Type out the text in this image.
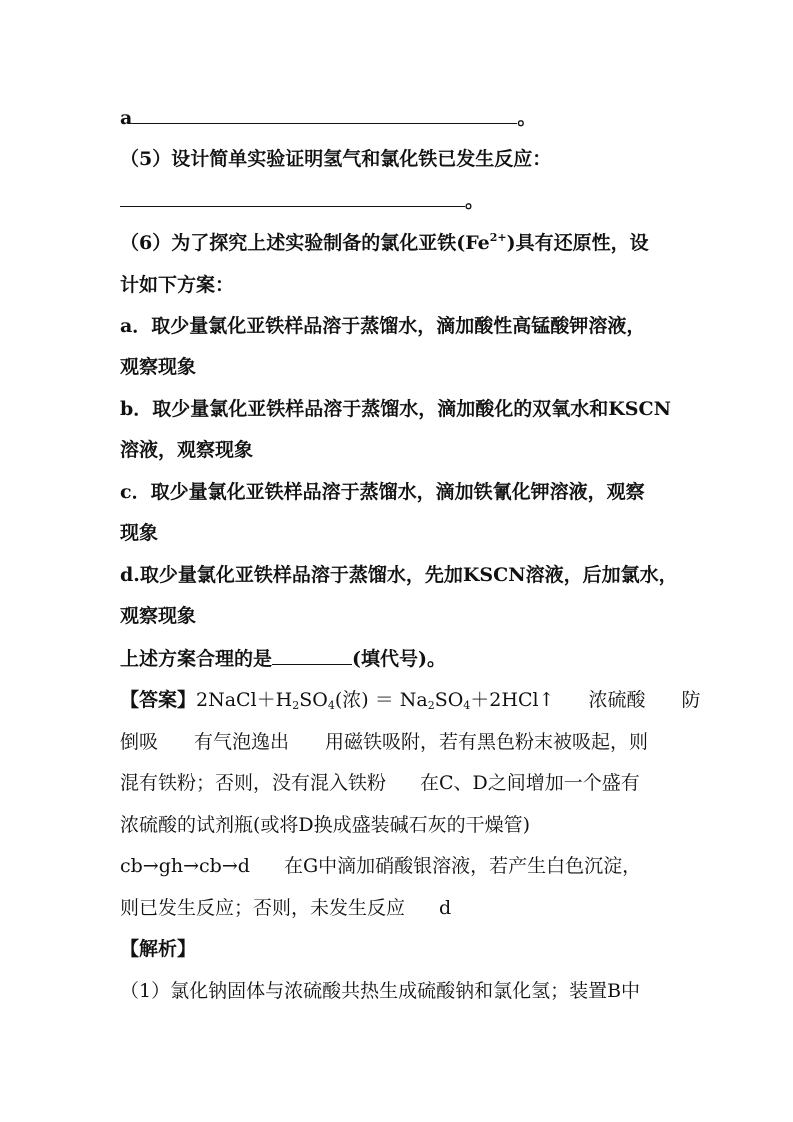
a	。
（5）设计简单实验证明氢气和氯化铁已发生反应：
。
（6）为了探究上述实验制备的氯化亚铁$(Fe^{2+})$具有还原性，设
计如下方案：
a．取少量氯化亚铁样品溶于蒸馏水，滴加酸性高锰酸钾溶液，
观察现象
b．取少量氯化亚铁样品溶于蒸馏水，滴加酸化的双氧水和KSCN
溶液，观察现象
c．取少量氯化亚铁样品溶于蒸馏水，滴加铁氰化钾溶液，观察
现象
d.取少量氯化亚铁样品溶于蒸馏水，先加KSCN溶液，后加氯水，
观察现象
上述方案合理的是	(填代号)。
【答案】$2NaCl+H_2SO_4$(浓) ＝ $Na_2SO_4+2HCl↑$ 浓硫酸 防
倒吸 有气泡逸出 用磁铁吸附，若有黑色粉末被吸起，则
混有铁粉；否则，没有混入铁粉 在C、D之间增加一个盛有
浓硫酸的试剂瓶(或将D换成盛装碱石灰的干燥管)
cb→gh→cb→d 在G中滴加硝酸银溶液，若产生白色沉淀，
则已发生反应；否则，未发生反应 d
【解析】
（1）氯化钠固体与浓硫酸共热生成硫酸钠和氯化氢；装置B中
